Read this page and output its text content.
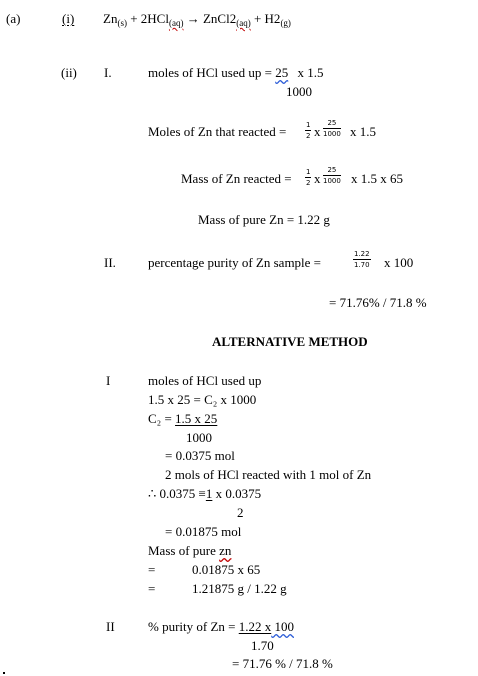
(a)	(i) $Zn_{(s)} + 2HCl_{(aq)}$ → $ZnCl2_{(aq)} + H2_{(g)}$
(ii) I.	moles of HCl used up = 25 x 1.5
1000
Moles of Zn that reacted =	$\frac{1}{2}$ x $\frac{25}{1000}$ x 1.5
Mass of Zn reacted = $\frac{1}{2}$ x $\frac{25}{1000}$ x 1.5 x 65
Mass of pure Zn = 1.22 g
II. percentage purity of Zn sample =	$\frac{1.22}{1.70}$ x 100
= 71.76% / 71.8 %
ALTERNATIVE METHOD
I	moles of HCl used up
1.5 x 25 = C₂ x 1000
C₂ = 1.5 x 25
1000
= 0.0375 mol
2 mols of HCl reacted with 1 mol of Zn
∴ 0.0375 ≡1 x 0.0375
2
= 0.01875 mol
Mass of pure zn
=	0.01875 x 65
=	1.21875 g / 1.22 g
II	% purity of Zn = 1.22 x 100
1.70
= 71.76 % / 71.8 %
